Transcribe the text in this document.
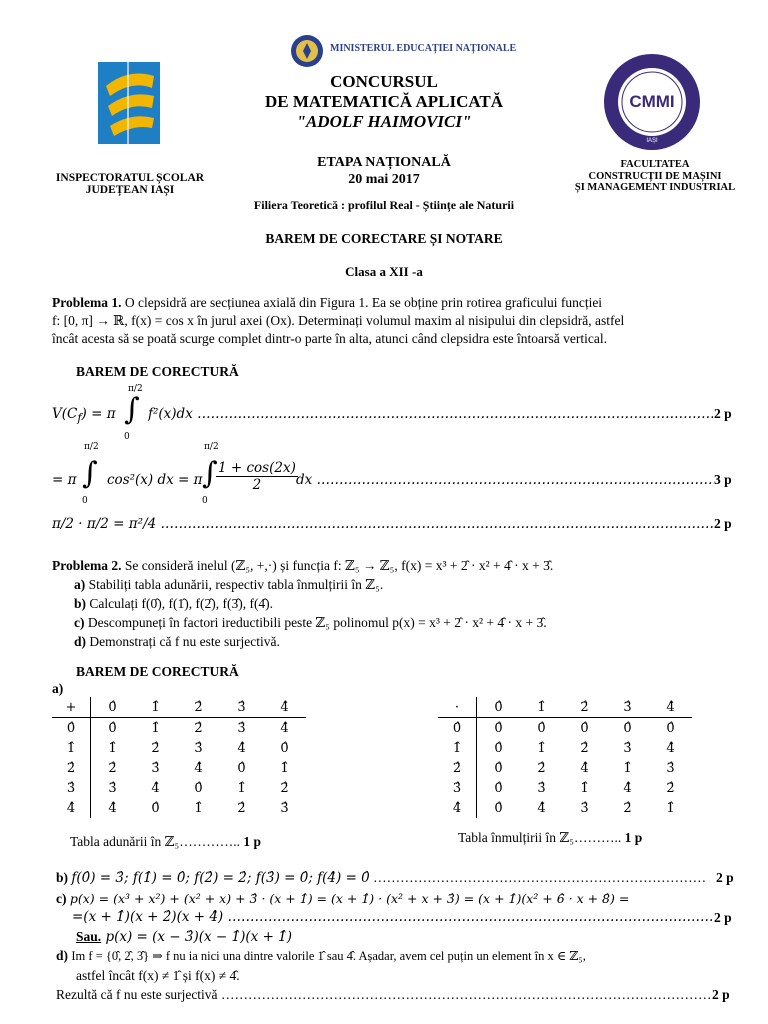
MINISTERUL EDUCAȚIEI NAȚIONALE
INSPECTORATUL ȘCOLAR
JUDEȚEAN IAȘI
CONCURSUL
DE MATEMATICĂ APLICATĂ
"ADOLF HAIMOVICI"
ETAPA NAȚIONALĂ
20 mai 2017
CMMI
IAȘI
FACULTATEA
CONSTRUCȚII DE MAȘINI
ȘI MANAGEMENT INDUSTRIAL
Filiera Teoretică : profilul Real - Științe ale Naturii
BAREM DE CORECTARE ȘI NOTARE
Clasa a XII -a
Problema 1. O clepsidră are secțiunea axială din Figura 1. Ea se obține prin rotirea graficului funcției
f: [0, π] → ℝ, f(x) = cos x în jurul axei (Ox). Determinați volumul maxim al nisipului din clepsidră, astfel
încât acesta să se poată scurge complet dintr-o parte în alta, atunci când clepsidra este întoarsă vertical.
BAREM DE CORECTURĂ
$V(C_f) = \pi$
π/2
∫
0
f²(x)dx …………………………………………………………………………………………………………………………………………………………………………………………………………………………………………………………	2 p
= π
π/2
∫
0
cos²(x) dx = π
π/2
∫
0
$\frac{1 + \cos(2x)}{2}$
dx …………………………………………………………………………………………………………………………………………………………………………………………………………………………………………………………	3 p
π/2 · π/2 = π²/4 …………………………………………………………………………………………………………………………………………………………………………………………………………………………………………………………	2 p
Problema 2. Se consideră inelul (ℤ₅, +,·) și funcția f: ℤ₅ → ℤ₅, f(x) = x³ + 2̂ · x² + 4̂ · x + 3̂.
a) Stabiliți tabla adunării, respectiv tabla înmulțirii în ℤ₅.
b) Calculați f(0̂), f(1̂), f(2̂), f(3̂), f(4̂).
c) Descompuneți în factori ireductibili peste ℤ₅ polinomul p(x) = x³ + 2̂ · x² + 4̂ · x + 3̂.
d) Demonstrați că f nu este surjectivă.
BAREM DE CORECTURĂ
a)
+	0̂	1̂	2̂	3̂	4̂
0̂	0̂	1̂	2̂	3̂	4̂
1̂	1̂	2̂	3̂	4̂	0̂
2̂	2̂	3̂	4̂	0̂	1̂
3̂	3̂	4̂	0̂	1̂	2̂
4̂	4̂	0̂	1̂	2̂	3̂
Tabla adunării în ℤ₅………….. 1 p
·	0̂	1̂	2̂	3̂	4̂
0̂	0̂	0̂	0̂	0̂	0̂
1̂	0̂	1̂	2̂	3̂	4̂
2̂	0̂	2̂	4̂	1̂	3̂
3̂	0̂	3̂	1̂	4̂	2̂
4̂	0̂	4̂	3̂	2̂	1̂
Tabla înmulțirii în ℤ₅……….. 1 p
b) f(0̂) = 3̂; f(1̂) = 0̂; f(2̂) = 2̂; f(3̂) = 0̂; f(4̂) = 0̂ …………………………………………………………………………………………………………………………………………………………………………………………………………………………………………………………	2 p
c) p(x) = (x³ + x²) + (x² + x) + 3̂ · (x + 1̂) = (x + 1̂) · (x² + x + 3̂) = (x + 1̂)(x² + 6̂ · x + 8̂) =
=(x + 1̂)(x + 2̂)(x + 4̂) …………………………………………………………………………………………………………………………………………………………………………………………………………………………………………………………	2 p
Sau. p(x) = (x − 3̂)(x − 1̂)(x + 1̂)
d) Im f = {0̂, 2̂, 3̂} ⇒ f nu ia nici una dintre valorile 1̂ sau 4̂. Așadar, avem cel puțin un element în x ∈ ℤ₅,
astfel încât f(x) ≠ 1̂ și f(x) ≠ 4̂.
Rezultă că f nu este surjectivă …………………………………………………………………………………………………………………………………………………………………………………………………………………………………………………………	2 p
